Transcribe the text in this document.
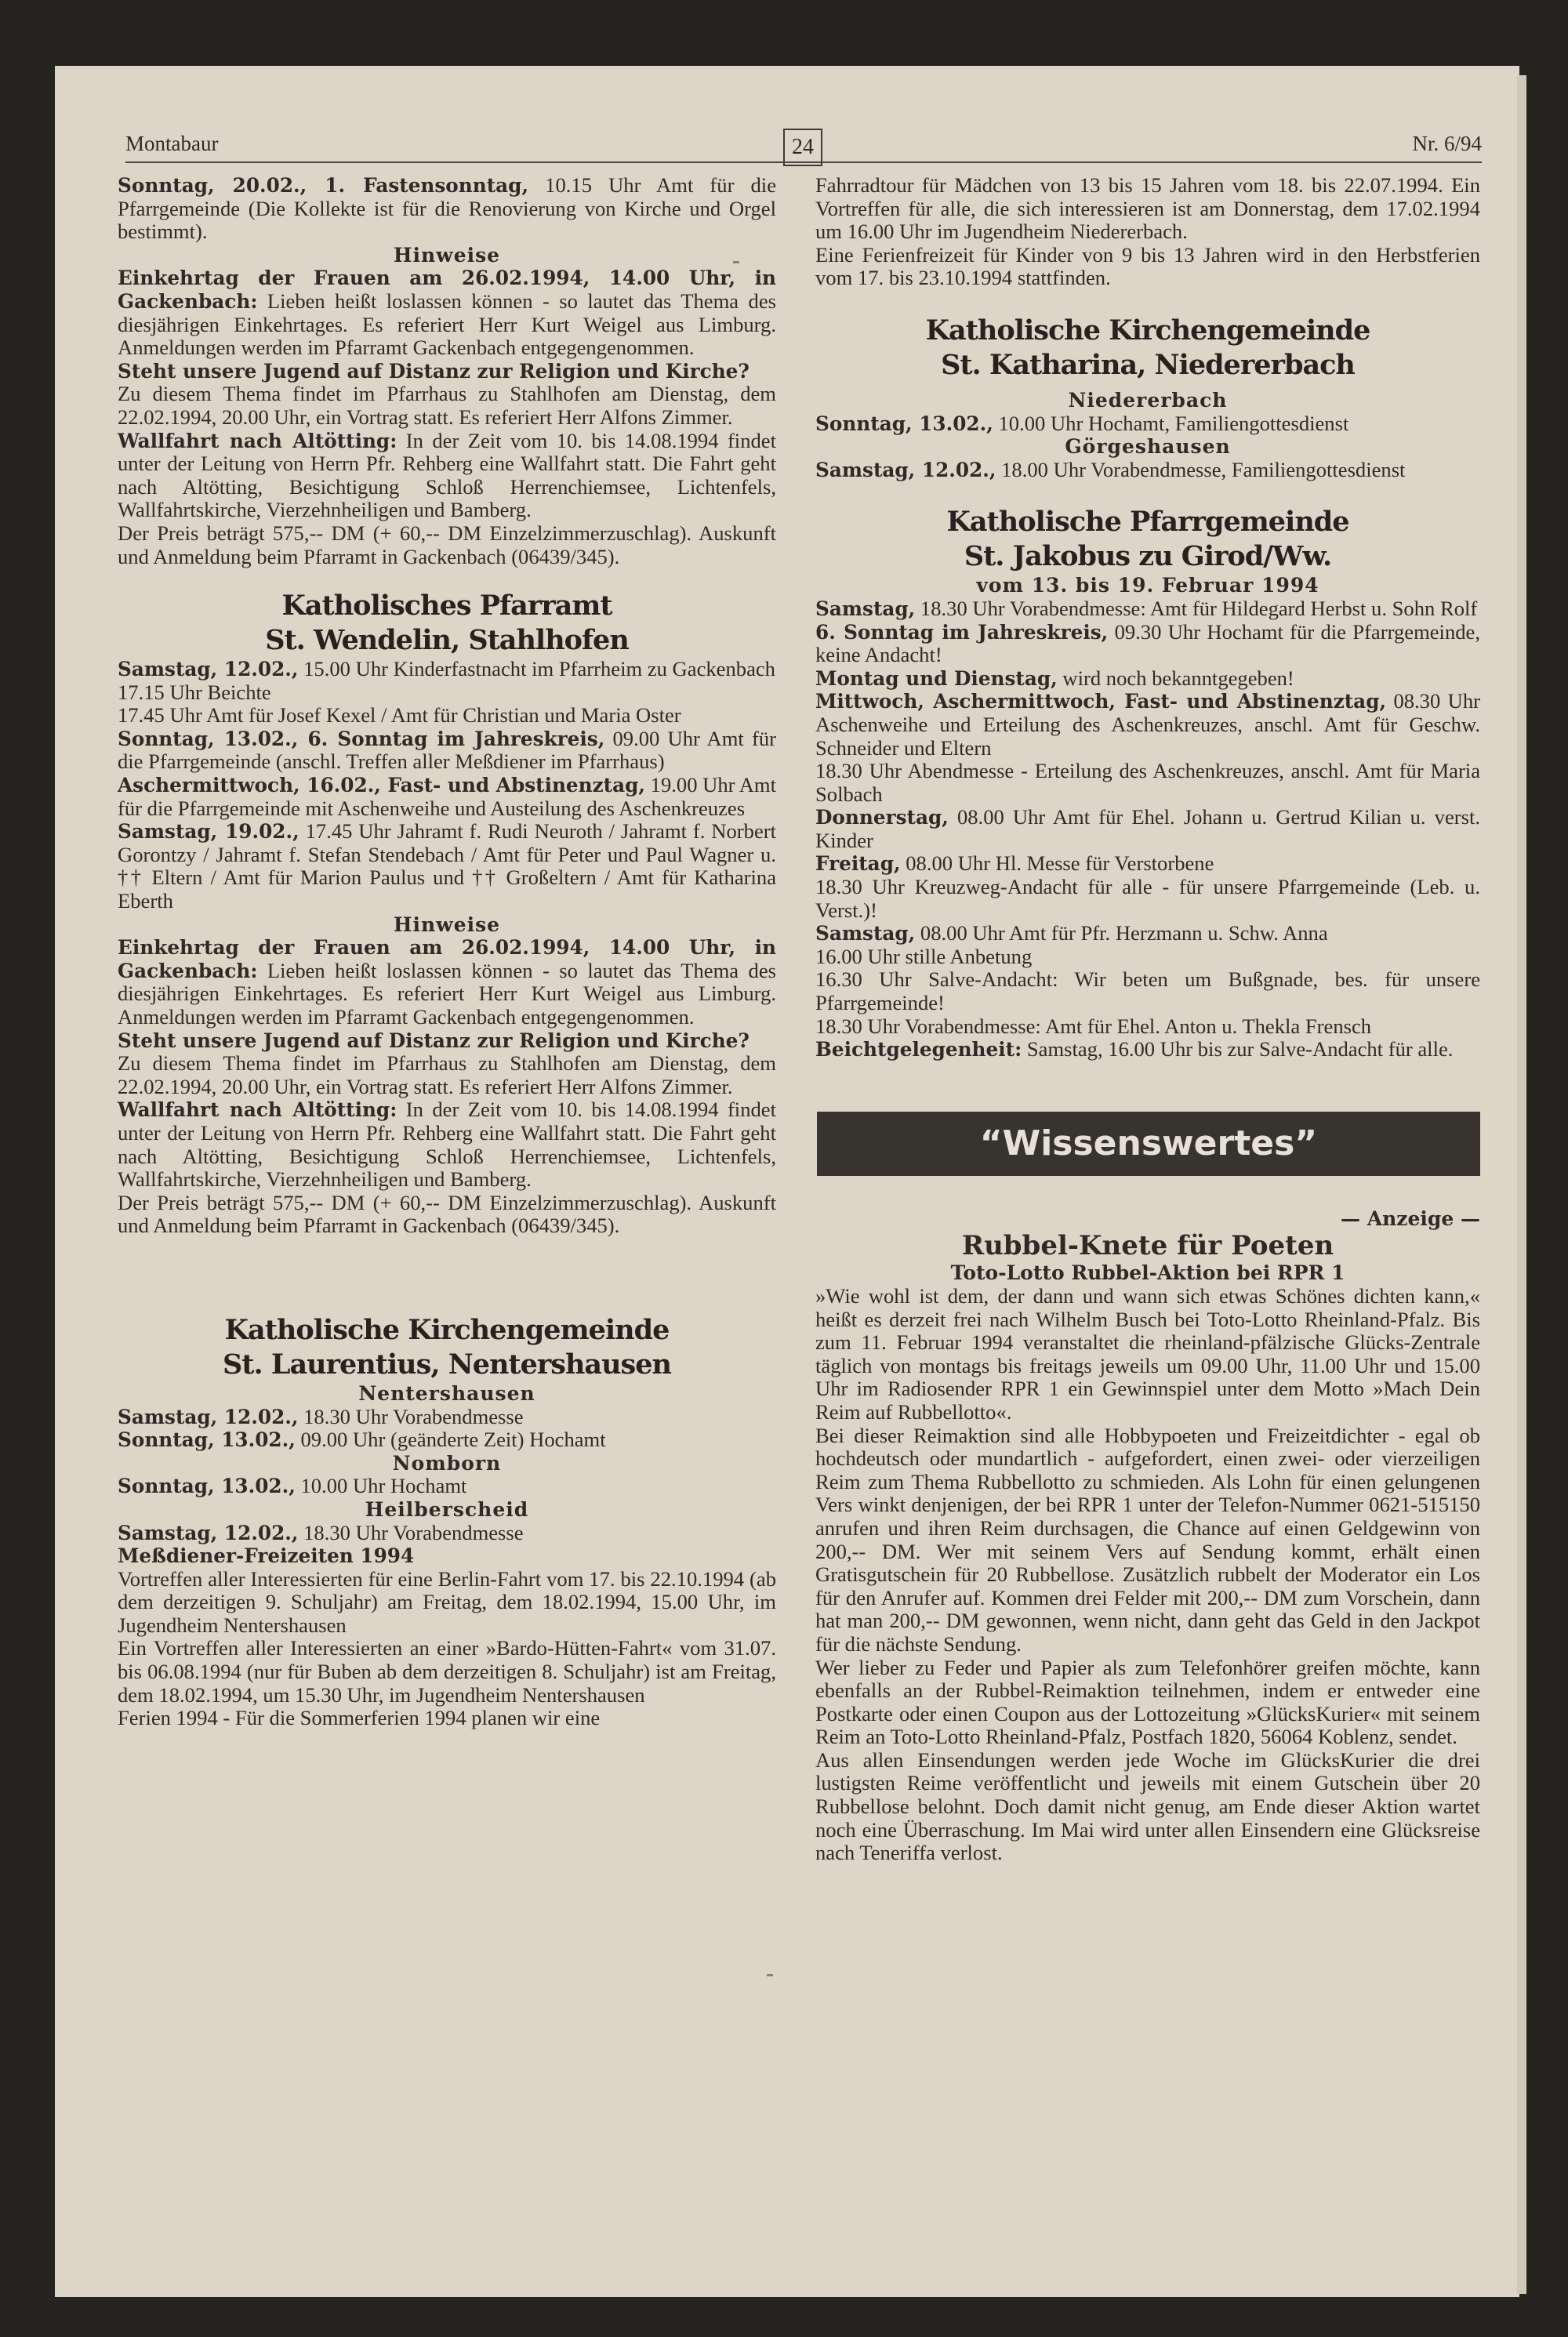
Montabaur	24	Nr. 6/94

Sonntag, 20.02., 1. Fastensonntag, 10.15 Uhr Amt für die Pfarrgemeinde (Die Kollekte ist für die Renovierung von Kirche und Orgel bestimmt).

Hinweise

Einkehrtag der Frauen am 26.02.1994, 14.00 Uhr, in Gackenbach: Lieben heißt loslassen können - so lautet das Thema des diesjährigen Einkehrtages. Es referiert Herr Kurt Weigel aus Limburg. Anmeldungen werden im Pfarramt Gackenbach entgegengenommen.

Steht unsere Jugend auf Distanz zur Religion und Kirche?

Zu diesem Thema findet im Pfarrhaus zu Stahlhofen am Dienstag, dem 22.02.1994, 20.00 Uhr, ein Vortrag statt. Es referiert Herr Alfons Zimmer.

Wallfahrt nach Altötting: In der Zeit vom 10. bis 14.08.1994 findet unter der Leitung von Herrn Pfr. Rehberg eine Wallfahrt statt. Die Fahrt geht nach Altötting, Besichtigung Schloß Herrenchiemsee, Lichtenfels, Wallfahrtskirche, Vierzehnheiligen und Bamberg.

Der Preis beträgt 575,-- DM (+ 60,-- DM Einzelzimmerzuschlag). Auskunft und Anmeldung beim Pfarramt in Gackenbach (06439/345).

Katholisches Pfarramt
St. Wendelin, Stahlhofen

Samstag, 12.02., 15.00 Uhr Kinderfastnacht im Pfarrheim zu Gackenbach

17.15 Uhr Beichte

17.45 Uhr Amt für Josef Kexel / Amt für Christian und Maria Oster

Sonntag, 13.02., 6. Sonntag im Jahreskreis, 09.00 Uhr Amt für die Pfarrgemeinde (anschl. Treffen aller Meßdiener im Pfarrhaus)

Aschermittwoch, 16.02., Fast- und Abstinenztag, 19.00 Uhr Amt für die Pfarrgemeinde mit Aschenweihe und Austeilung des Aschenkreuzes

Samstag, 19.02., 17.45 Uhr Jahramt f. Rudi Neuroth / Jahramt f. Norbert Gorontzy / Jahramt f. Stefan Stendebach / Amt für Peter und Paul Wagner u. †† Eltern / Amt für Marion Paulus und †† Großeltern / Amt für Katharina Eberth

Hinweise

Einkehrtag der Frauen am 26.02.1994, 14.00 Uhr, in Gackenbach: Lieben heißt loslassen können - so lautet das Thema des diesjährigen Einkehrtages. Es referiert Herr Kurt Weigel aus Limburg. Anmeldungen werden im Pfarramt Gackenbach entgegengenommen.

Steht unsere Jugend auf Distanz zur Religion und Kirche?

Zu diesem Thema findet im Pfarrhaus zu Stahlhofen am Dienstag, dem 22.02.1994, 20.00 Uhr, ein Vortrag statt. Es referiert Herr Alfons Zimmer.

Wallfahrt nach Altötting: In der Zeit vom 10. bis 14.08.1994 findet unter der Leitung von Herrn Pfr. Rehberg eine Wallfahrt statt. Die Fahrt geht nach Altötting, Besichtigung Schloß Herrenchiemsee, Lichtenfels, Wallfahrtskirche, Vierzehnheiligen und Bamberg.

Der Preis beträgt 575,-- DM (+ 60,-- DM Einzelzimmerzuschlag). Auskunft und Anmeldung beim Pfarramt in Gackenbach (06439/345).

Katholische Kirchengemeinde
St. Laurentius, Nentershausen
Nentershausen

Samstag, 12.02., 18.30 Uhr Vorabendmesse

Sonntag, 13.02., 09.00 Uhr (geänderte Zeit) Hochamt

Nomborn

Sonntag, 13.02., 10.00 Uhr Hochamt

Heilberscheid

Samstag, 12.02., 18.30 Uhr Vorabendmesse

Meßdiener-Freizeiten 1994

Vortreffen aller Interessierten für eine Berlin-Fahrt vom 17. bis 22.10.1994 (ab dem derzeitigen 9. Schuljahr) am Freitag, dem 18.02.1994, 15.00 Uhr, im Jugendheim Nentershausen

Ein Vortreffen aller Interessierten an einer »Bardo-Hütten-Fahrt« vom 31.07. bis 06.08.1994 (nur für Buben ab dem derzeitigen 8. Schuljahr) ist am Freitag, dem 18.02.1994, um 15.30 Uhr, im Jugendheim Nentershausen

Ferien 1994 - Für die Sommerferien 1994 planen wir eine

Fahrradtour für Mädchen von 13 bis 15 Jahren vom 18. bis 22.07.1994. Ein Vortreffen für alle, die sich interessieren ist am Donnerstag, dem 17.02.1994 um 16.00 Uhr im Jugendheim Niedererbach.

Eine Ferienfreizeit für Kinder von 9 bis 13 Jahren wird in den Herbstferien vom 17. bis 23.10.1994 stattfinden.

Katholische Kirchengemeinde
St. Katharina, Niedererbach
Niedererbach

Sonntag, 13.02., 10.00 Uhr Hochamt, Familiengottesdienst

Görgeshausen

Samstag, 12.02., 18.00 Uhr Vorabendmesse, Familiengottesdienst

Katholische Pfarrgemeinde
St. Jakobus zu Girod/Ww.
vom 13. bis 19. Februar 1994

Samstag, 18.30 Uhr Vorabendmesse: Amt für Hildegard Herbst u. Sohn Rolf

6. Sonntag im Jahreskreis, 09.30 Uhr Hochamt für die Pfarrgemeinde, keine Andacht!

Montag und Dienstag, wird noch bekanntgegeben!

Mittwoch, Aschermittwoch, Fast- und Abstinenztag, 08.30 Uhr Aschenweihe und Erteilung des Aschenkreuzes, anschl. Amt für Geschw. Schneider und Eltern

18.30 Uhr Abendmesse - Erteilung des Aschenkreuzes, anschl. Amt für Maria Solbach

Donnerstag, 08.00 Uhr Amt für Ehel. Johann u. Gertrud Kilian u. verst. Kinder

Freitag, 08.00 Uhr Hl. Messe für Verstorbene

18.30 Uhr Kreuzweg-Andacht für alle - für unsere Pfarrgemeinde (Leb. u. Verst.)!

Samstag, 08.00 Uhr Amt für Pfr. Herzmann u. Schw. Anna

16.00 Uhr stille Anbetung

16.30 Uhr Salve-Andacht: Wir beten um Bußgnade, bes. für unsere Pfarrgemeinde!

18.30 Uhr Vorabendmesse: Amt für Ehel. Anton u. Thekla Frensch

Beichtgelegenheit: Samstag, 16.00 Uhr bis zur Salve-Andacht für alle.

“Wissenswertes”
— Anzeige —
Rubbel-Knete für Poeten
Toto-Lotto Rubbel-Aktion bei RPR 1

»Wie wohl ist dem, der dann und wann sich etwas Schönes dichten kann,« heißt es derzeit frei nach Wilhelm Busch bei Toto-Lotto Rheinland-Pfalz. Bis zum 11. Februar 1994 veranstaltet die rheinland-pfälzische Glücks-Zentrale täglich von montags bis freitags jeweils um 09.00 Uhr, 11.00 Uhr und 15.00 Uhr im Radiosender RPR 1 ein Gewinnspiel unter dem Motto »Mach Dein Reim auf Rubbellotto«.

Bei dieser Reimaktion sind alle Hobbypoeten und Freizeitdichter - egal ob hochdeutsch oder mundartlich - aufgefordert, einen zwei- oder vierzeiligen Reim zum Thema Rubbellotto zu schmieden. Als Lohn für einen gelungenen Vers winkt denjenigen, der bei RPR 1 unter der Telefon-Nummer 0621-515150 anrufen und ihren Reim durchsagen, die Chance auf einen Geldgewinn von 200,-- DM. Wer mit seinem Vers auf Sendung kommt, erhält einen Gratisgutschein für 20 Rubbellose. Zusätzlich rubbelt der Moderator ein Los für den Anrufer auf. Kommen drei Felder mit 200,-- DM zum Vorschein, dann hat man 200,-- DM gewonnen, wenn nicht, dann geht das Geld in den Jackpot für die nächste Sendung.

Wer lieber zu Feder und Papier als zum Telefonhörer greifen möchte, kann ebenfalls an der Rubbel-Reimaktion teilnehmen, indem er entweder eine Postkarte oder einen Coupon aus der Lottozeitung »GlücksKurier« mit seinem Reim an Toto-Lotto Rheinland-Pfalz, Postfach 1820, 56064 Koblenz, sendet.

Aus allen Einsendungen werden jede Woche im GlücksKurier die drei lustigsten Reime veröffentlicht und jeweils mit einem Gutschein über 20 Rubbellose belohnt. Doch damit nicht genug, am Ende dieser Aktion wartet noch eine Überraschung. Im Mai wird unter allen Einsendern eine Glücksreise nach Teneriffa verlost.
